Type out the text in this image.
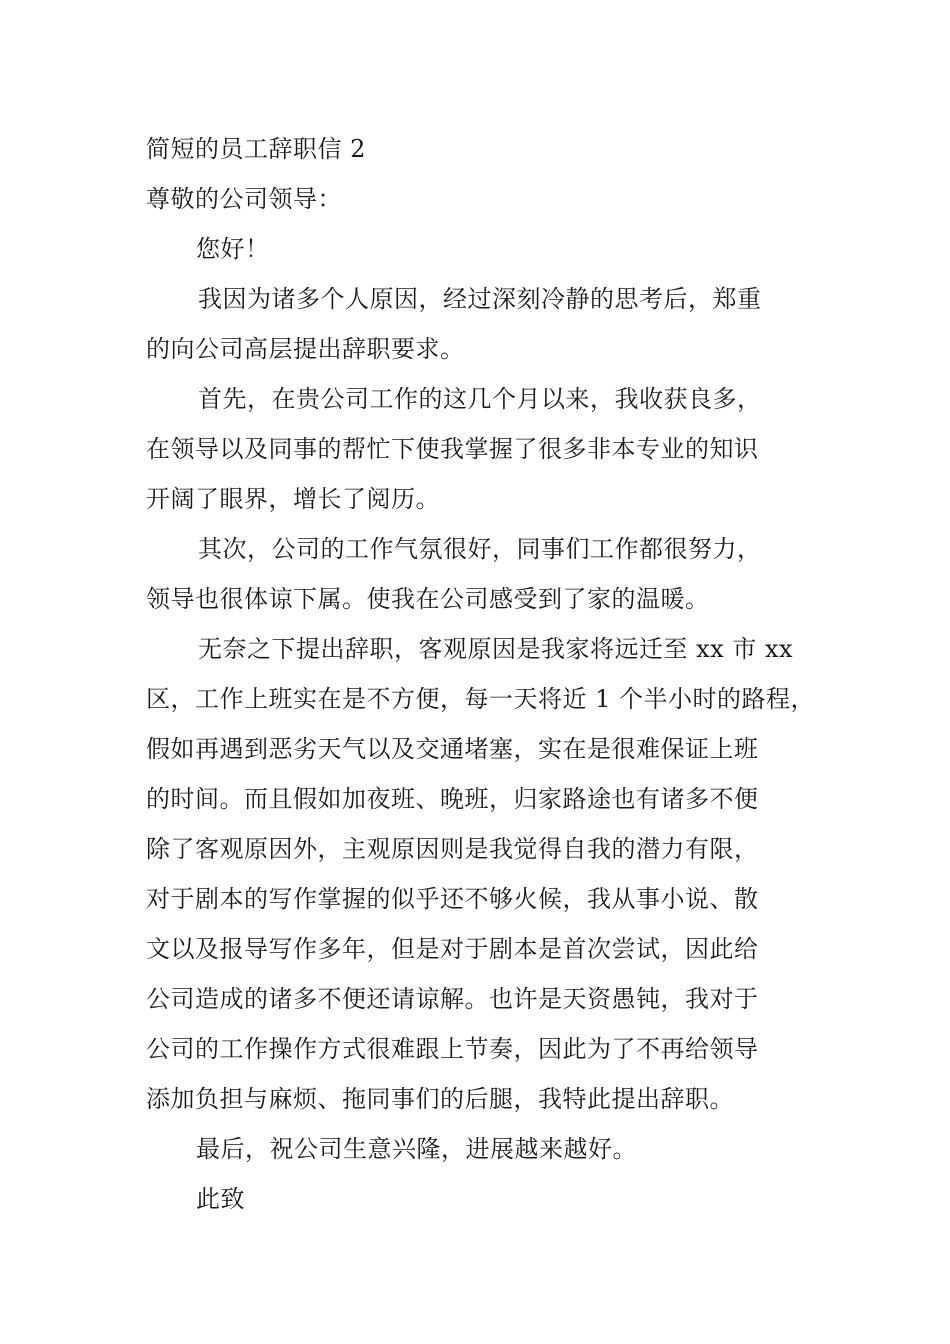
简短的员工辞职信 2
尊敬的公司领导：
您好！
我因为诸多个人原因，经过深刻冷静的思考后，郑重
的向公司高层提出辞职要求。
首先，在贵公司工作的这几个月以来，我收获良多，
在领导以及同事的帮忙下使我掌握了很多非本专业的知识
开阔了眼界，增长了阅历。
其次，公司的工作气氛很好，同事们工作都很努力，
领导也很体谅下属。使我在公司感受到了家的温暖。
无奈之下提出辞职，客观原因是我家将远迁至 xx 市 xx
区，工作上班实在是不方便，每一天将近 1 个半小时的路程，
假如再遇到恶劣天气以及交通堵塞，实在是很难保证上班
的时间。而且假如加夜班、晚班，归家路途也有诸多不便
除了客观原因外，主观原因则是我觉得自我的潜力有限，
对于剧本的写作掌握的似乎还不够火候，我从事小说、散
文以及报导写作多年，但是对于剧本是首次尝试，因此给
公司造成的诸多不便还请谅解。也许是天资愚钝，我对于
公司的工作操作方式很难跟上节奏，因此为了不再给领导
添加负担与麻烦、拖同事们的后腿，我特此提出辞职。
最后，祝公司生意兴隆，进展越来越好。
此致
